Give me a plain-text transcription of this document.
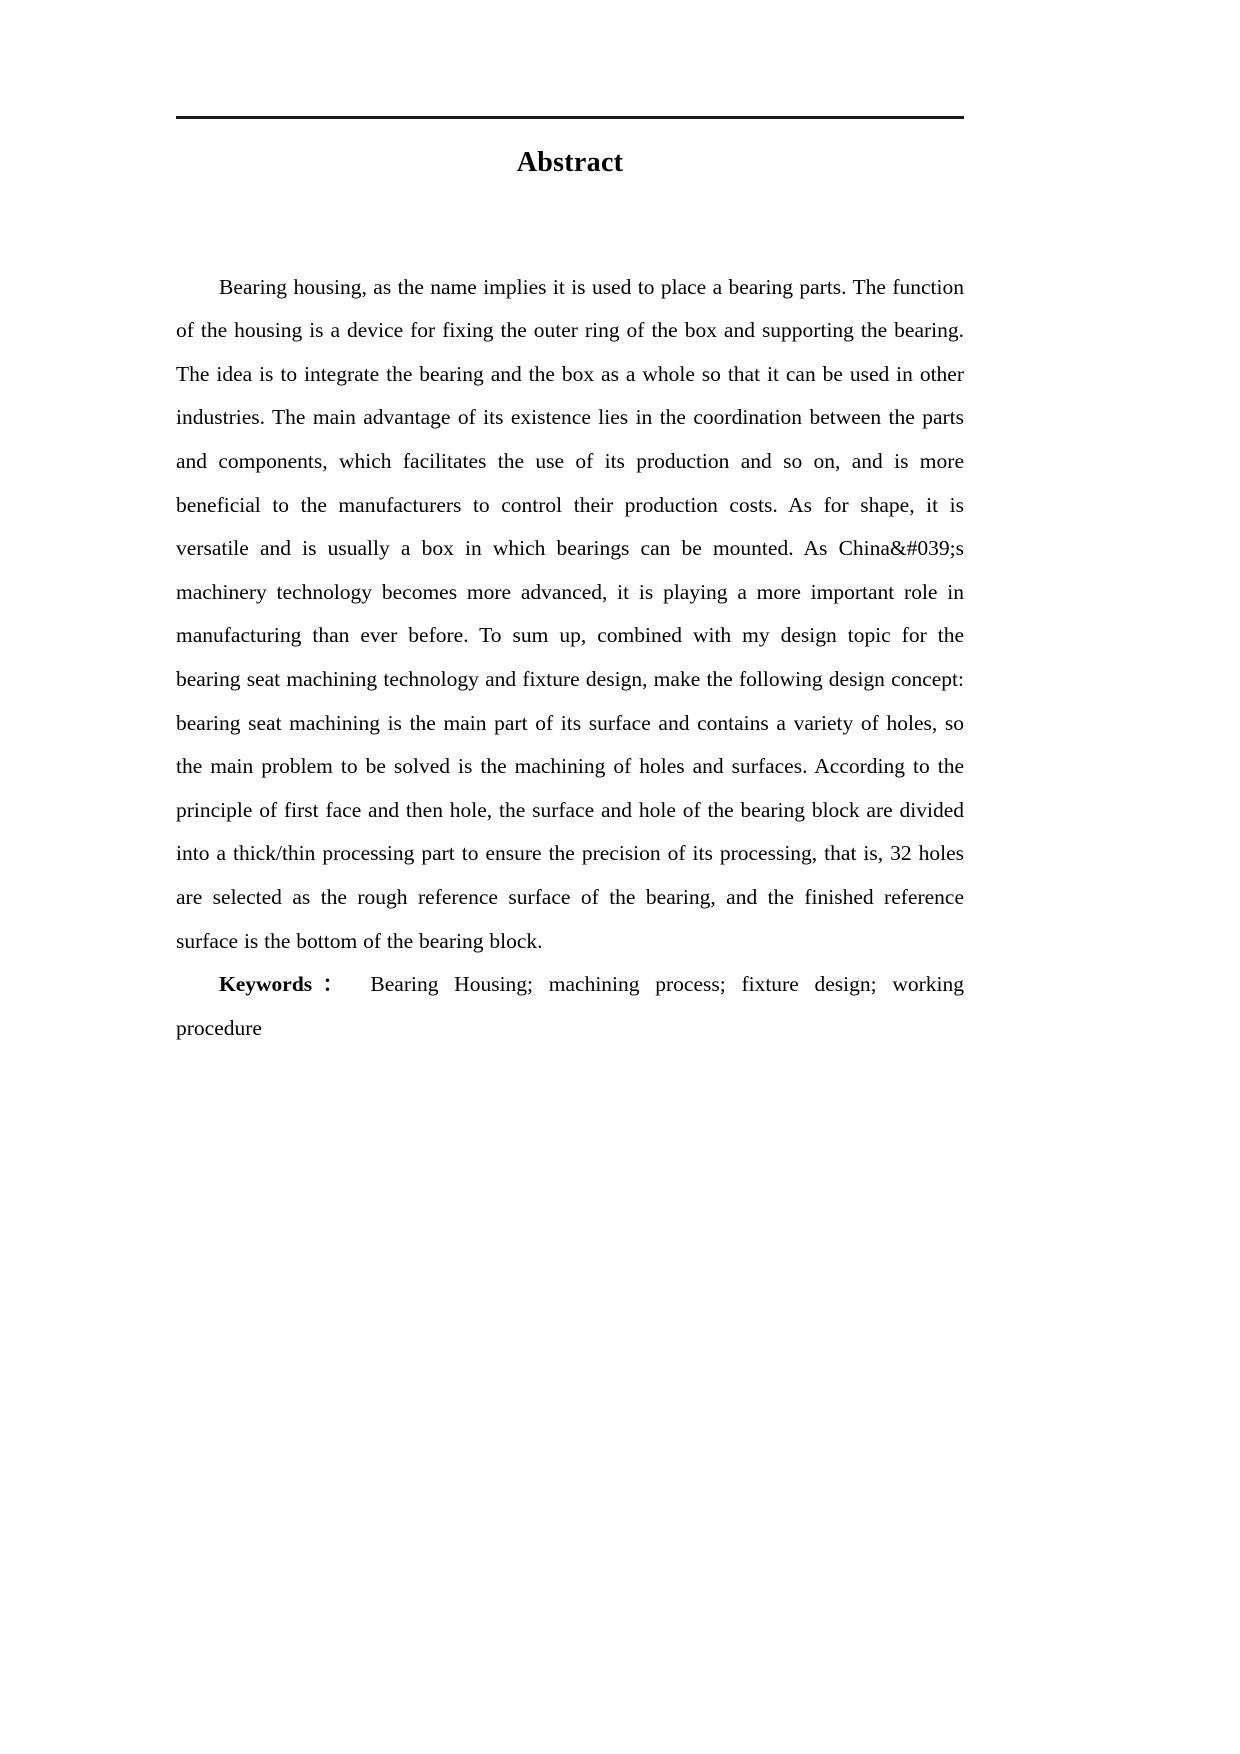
Abstract

Bearing housing, as the name implies it is used to place a bearing parts. The function of the housing is a device for fixing the outer ring of the box and supporting the bearing. The idea is to integrate the bearing and the box as a whole so that it can be used in other industries. The main advantage of its existence lies in the coordination between the parts and components, which facilitates the use of its production and so on, and is more beneficial to the manufacturers to control their production costs. As for shape, it is versatile and is usually a box in which bearings can be mounted. As China&#039;s machinery technology becomes more advanced, it is playing a more important role in manufacturing than ever before. To sum up, combined with my design topic for the bearing seat machining technology and fixture design, make the following design concept: bearing seat machining is the main part of its surface and contains a variety of holes, so the main problem to be solved is the machining of holes and surfaces. According to the principle of first face and then hole, the surface and hole of the bearing block are divided into a thick/thin processing part to ensure the precision of its processing, that is, 32 holes are selected as the rough reference surface of the bearing, and the finished reference surface is the bottom of the bearing block.

Keywords： Bearing Housing; machining process; fixture design; working procedure
